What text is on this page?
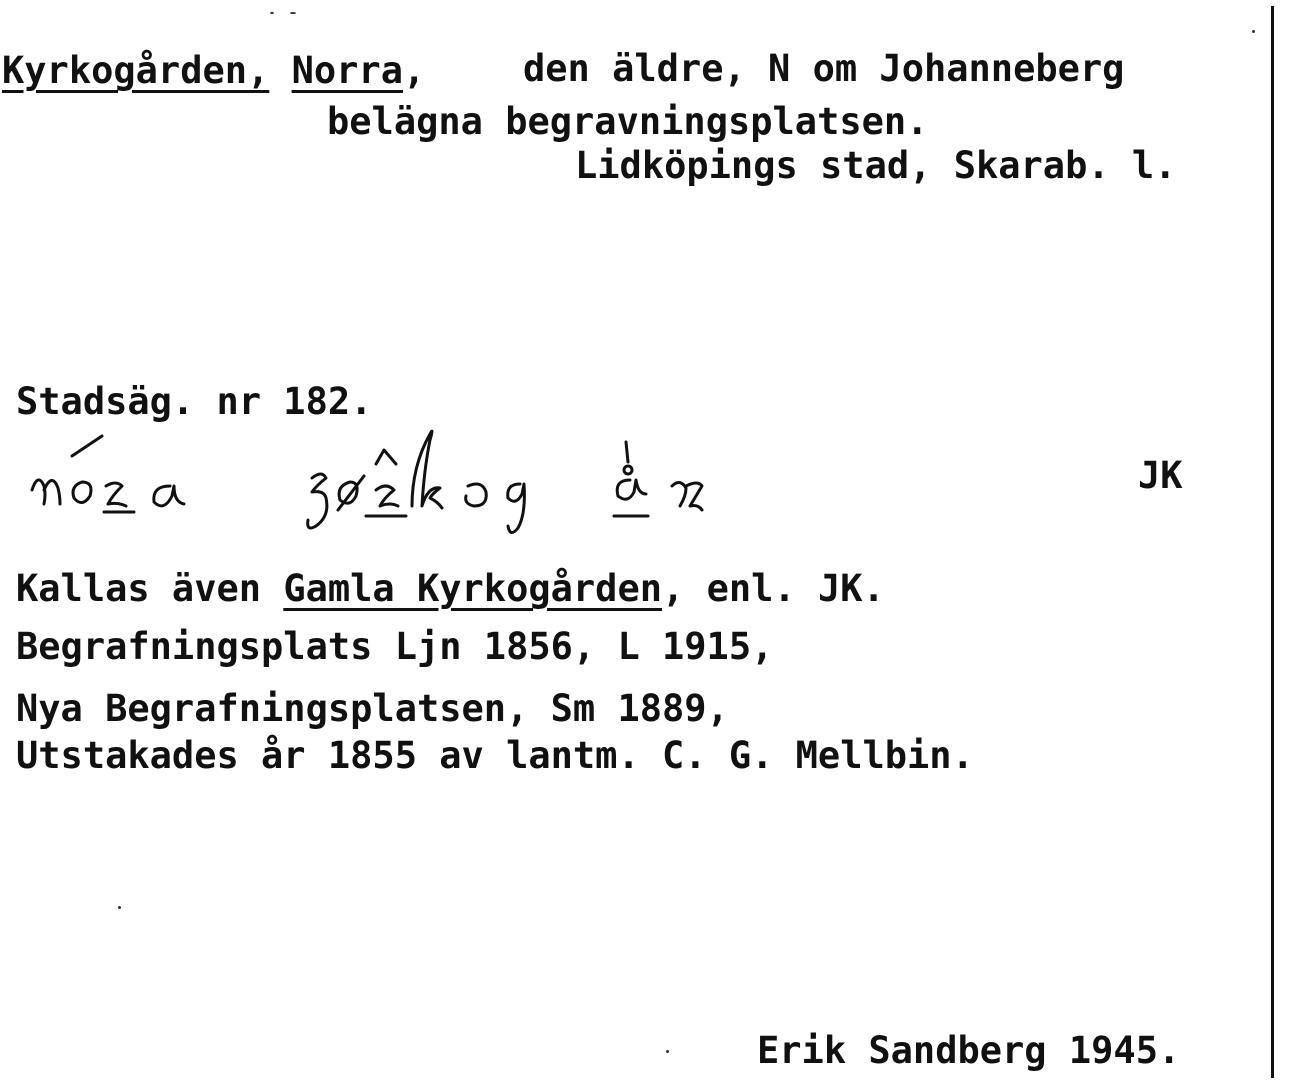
Kyrkogården, Norra,	den äldre, N om Johanneberg
belägna begravningsplatsen.
Lidköpings stad, Skarab. l.
Stadsäg. nr 182.
JK
Kallas även Gamla Kyrkogården, enl. JK.
Begrafningsplats Ljn 1856, L 1915,
Nya Begrafningsplatsen, Sm 1889,
Utstakades år 1855 av lantm. C. G. Mellbin.
Erik Sandberg 1945.
